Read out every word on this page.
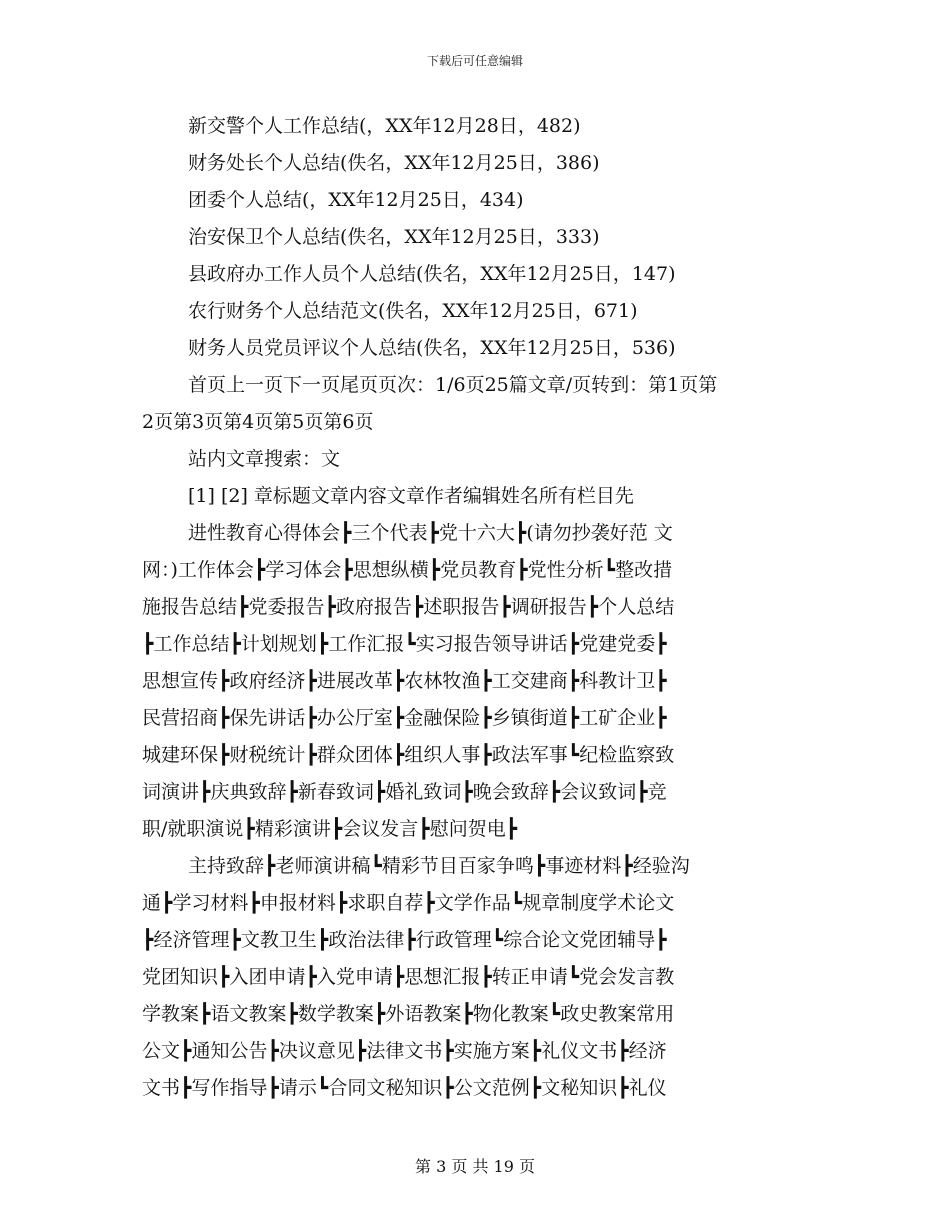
下载后可任意编辑
新交警个人工作总结(，XX年12月28日，482)
财务处长个人总结(佚名，XX年12月25日，386)
团委个人总结(，XX年12月25日，434)
治安保卫个人总结(佚名，XX年12月25日，333)
县政府办工作人员个人总结(佚名，XX年12月25日，147)
农行财务个人总结范文(佚名，XX年12月25日，671)
财务人员党员评议个人总结(佚名，XX年12月25日，536)
首页上一页下一页尾页页次：1/6页25篇文章/页转到：第1页第
2页第3页第4页第5页第6页
站内文章搜索：文
[1] [2] 章标题文章内容文章作者编辑姓名所有栏目先
进性教育心得体会┣三个代表┣党十六大┣(请勿抄袭好范 文
网：)工作体会┣学习体会┣思想纵横┣党员教育┣党性分析┗整改措
施报告总结┣党委报告┣政府报告┣述职报告┣调研报告┣个人总结
┣工作总结┣计划规划┣工作汇报┗实习报告领导讲话┣党建党委┣
思想宣传┣政府经济┣进展改革┣农林牧渔┣工交建商┣科教计卫┣
民营招商┣保先讲话┣办公厅室┣金融保险┣乡镇街道┣工矿企业┣
城建环保┣财税统计┣群众团体┣组织人事┣政法军事┗纪检监察致
词演讲┣庆典致辞┣新春致词┣婚礼致词┣晚会致辞┣会议致词┣竞
职/就职演说┣精彩演讲┣会议发言┣慰问贺电┣
主持致辞┣老师演讲稿┗精彩节目百家争鸣┣事迹材料┣经验沟
通┣学习材料┣申报材料┣求职自荐┣文学作品┗规章制度学术论文
┣经济管理┣文教卫生┣政治法律┣行政管理┗综合论文党团辅导┣
党团知识┣入团申请┣入党申请┣思想汇报┣转正申请┗党会发言教
学教案┣语文教案┣数学教案┣外语教案┣物化教案┗政史教案常用
公文┣通知公告┣决议意见┣法律文书┣实施方案┣礼仪文书┣经济
文书┣写作指导┣请示┗合同文秘知识┣公文范例┣文秘知识┣礼仪
第 3 页 共 19 页
